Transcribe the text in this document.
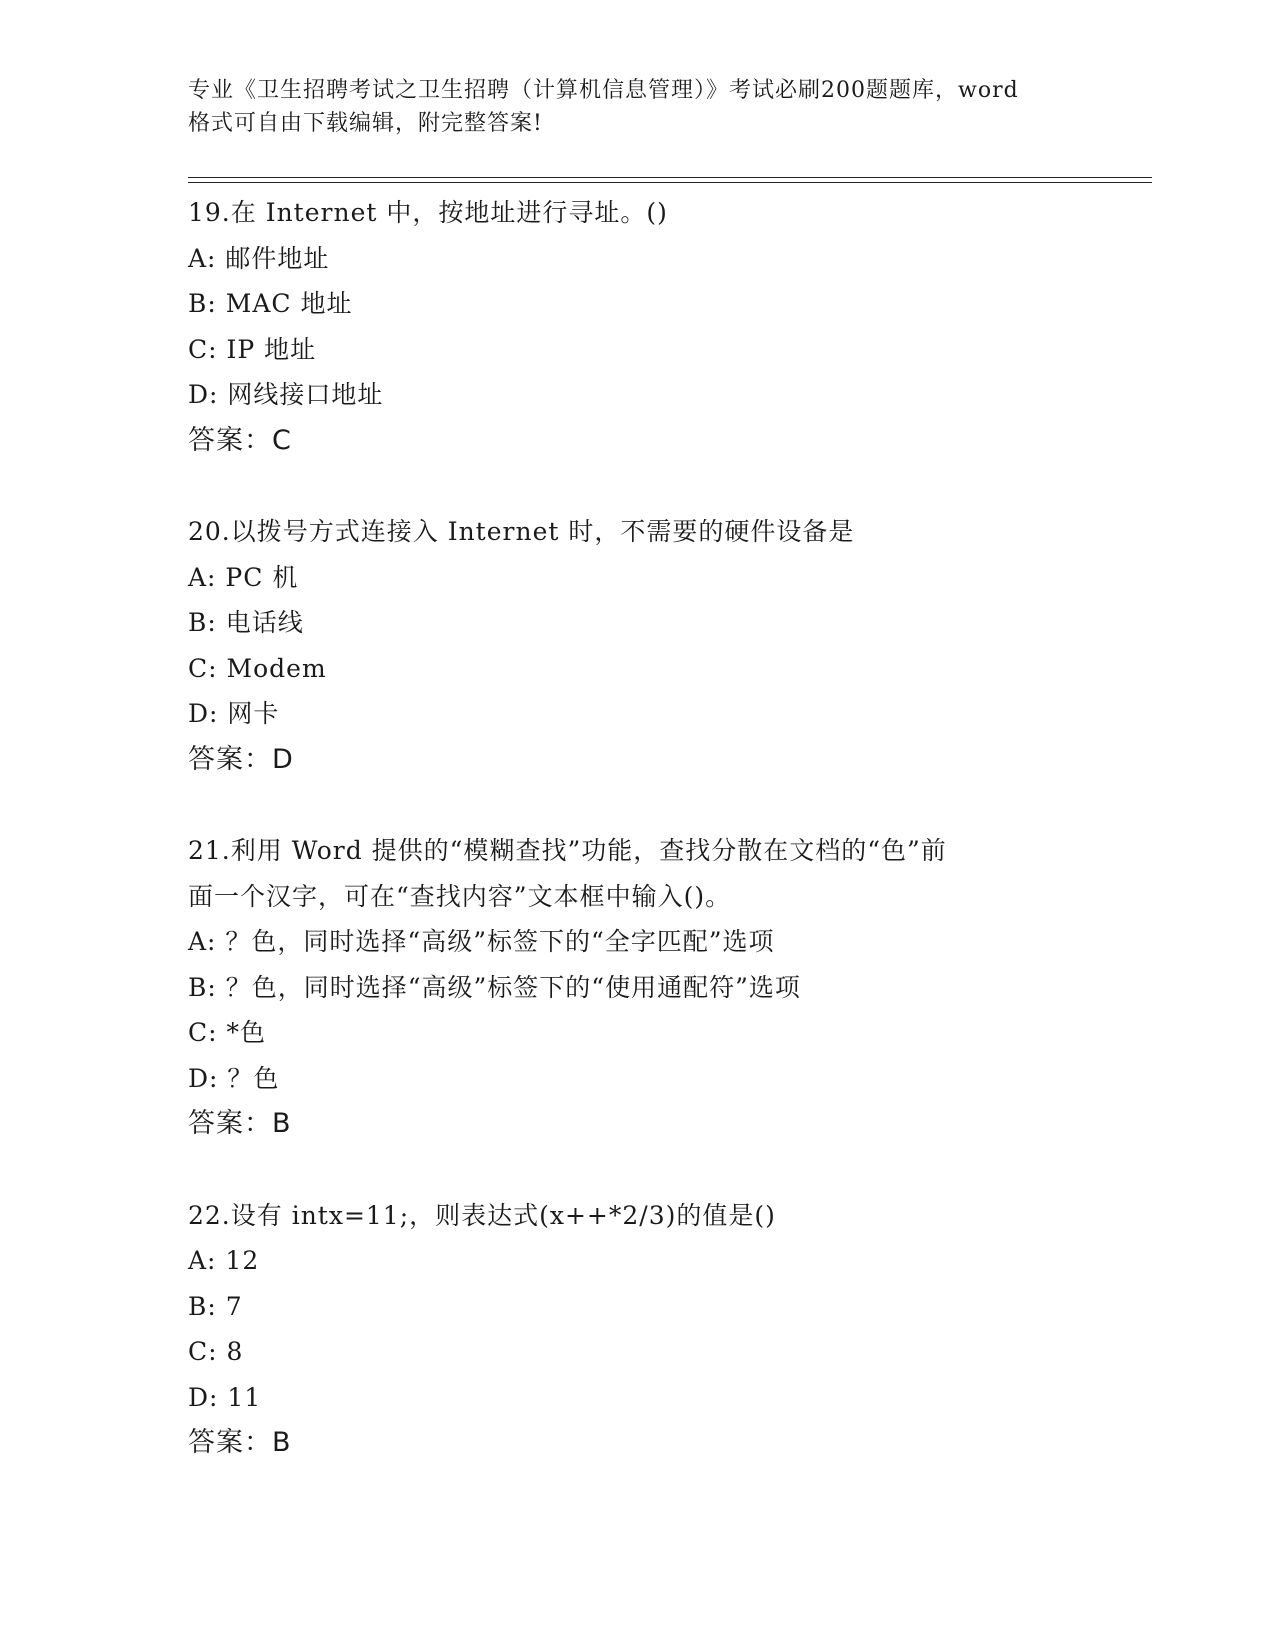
专业《卫生招聘考试之卫生招聘（计算机信息管理）》考试必刷200题题库，word
格式可自由下载编辑，附完整答案!

19.在 Internet 中，按地址进行寻址。()

A: 邮件地址

B: MAC 地址

C: IP 地址

D: 网线接口地址

答案：C

20.以拨号方式连接入 Internet 时，不需要的硬件设备是

A: PC 机

B: 电话线

C: Modem

D: 网卡

答案：D

21.利用 Word 提供的“模糊查找”功能，查找分散在文档的“色”前

面一个汉字，可在“查找内容”文本框中输入()。

A: ？色，同时选择“高级”标签下的“全字匹配”选项

B: ？色，同时选择“高级”标签下的“使用通配符”选项

C: *色

D: ？色

答案：B

22.设有 intx=11;，则表达式(x++*2/3)的值是()

A: 12

B: 7

C: 8

D: 11

答案：B
